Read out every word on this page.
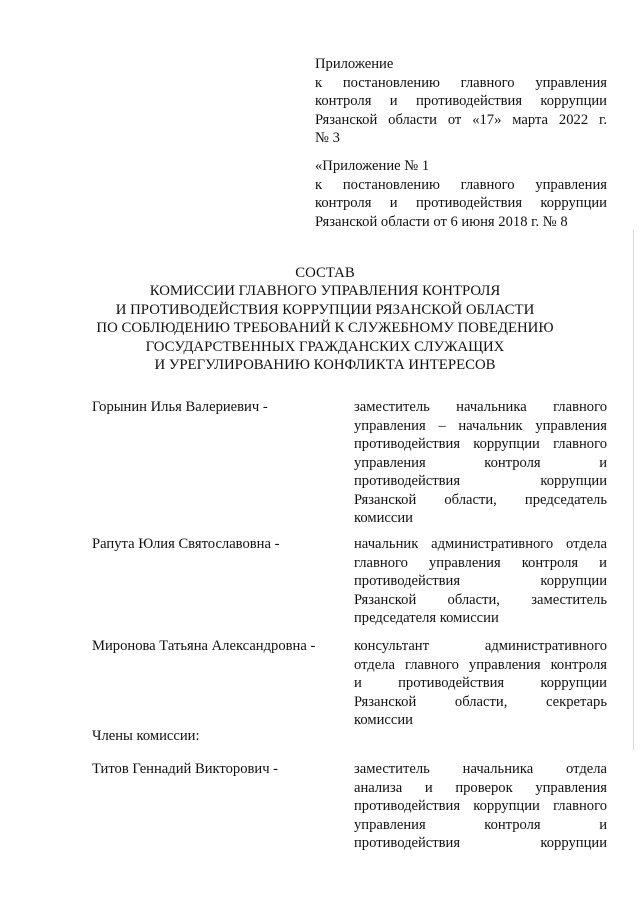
Приложение
к постановлению главного управления
контроля и противодействия коррупции
Рязанской области от «17» марта 2022 г.
№ 3
«Приложение № 1
к постановлению главного управления
контроля и противодействия коррупции
Рязанской области от 6 июня 2018 г. № 8
СОСТАВ
КОМИССИИ ГЛАВНОГО УПРАВЛЕНИЯ КОНТРОЛЯ
И ПРОТИВОДЕЙСТВИЯ КОРРУПЦИИ РЯЗАНСКОЙ ОБЛАСТИ
ПО СОБЛЮДЕНИЮ ТРЕБОВАНИЙ К СЛУЖЕБНОМУ ПОВЕДЕНИЮ
ГОСУДАРСТВЕННЫХ ГРАЖДАНСКИХ СЛУЖАЩИХ
И УРЕГУЛИРОВАНИЮ КОНФЛИКТА ИНТЕРЕСОВ
Горынин Илья Валериевич -	заместитель начальника главного
управления – начальник управления
противодействия коррупции главного
управления контроля и
противодействия коррупции
Рязанской области, председатель
комиссии
Рапута Юлия Святославовна -	начальник административного отдела
главного управления контроля и
противодействия коррупции
Рязанской области, заместитель
председателя комиссии
Миронова Татьяна Александровна -	консультант административного
отдела главного управления контроля
и противодействия коррупции
Рязанской области, секретарь
комиссии
Члены комиссии:
Титов Геннадий Викторович -	заместитель начальника отдела
анализа и проверок управления
противодействия коррупции главного
управления контроля и
противодействия коррупции
